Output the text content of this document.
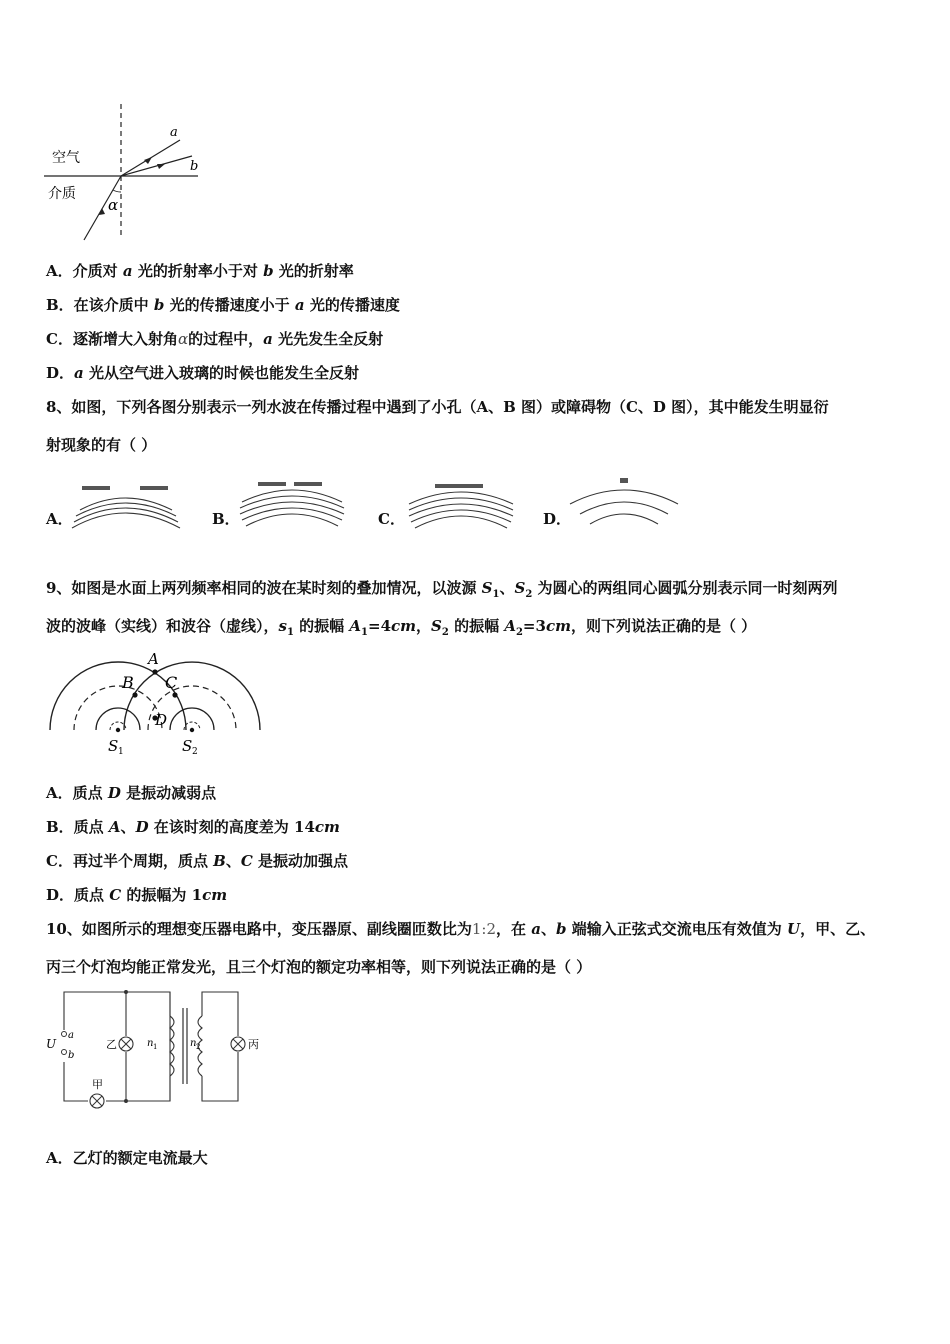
空气
介质
a
b
α
A．介质对 a 光的折射率小于对 b 光的折射率
B．在该介质中 b 光的传播速度小于 a 光的传播速度
C．逐渐增大入射角α的过程中，a 光先发生全反射
D．a 光从空气进入玻璃的时候也能发生全反射
8、如图，下列各图分别表示一列水波在传播过程中遇到了小孔（A、B 图）或障碍物（C、D 图），其中能发生明显衍
射现象的有（ ）
A．	B．	C．	D．
9、如图是水面上两列频率相同的波在某时刻的叠加情况，以波源 $S_1$、$S_2$ 为圆心的两组同心圆弧分别表示同一时刻两列
波的波峰（实线）和波谷（虚线），$s_1$ 的振幅 $A_1=4cm$，$S_2$ 的振幅 $A_2=3cm$，则下列说法正确的是（ ）
A
B C
D
S 1	S 2
A．质点 D 是振动减弱点
B．质点 A、D 在该时刻的高度差为 14cm
C．再过半个周期，质点 B、C 是振动加强点
D．质点 C 的振幅为 1cm
10、如图所示的理想变压器电路中，变压器原、副线圈匝数比为1:2，在 a、b 端输入正弦式交流电压有效值为 U，甲、乙、
丙三个灯泡均能正常发光，且三个灯泡的额定功率相等，则下列说法正确的是（ ）
U
a
b
乙
甲
丙
n 1	n 2
A．乙灯的额定电流最大
